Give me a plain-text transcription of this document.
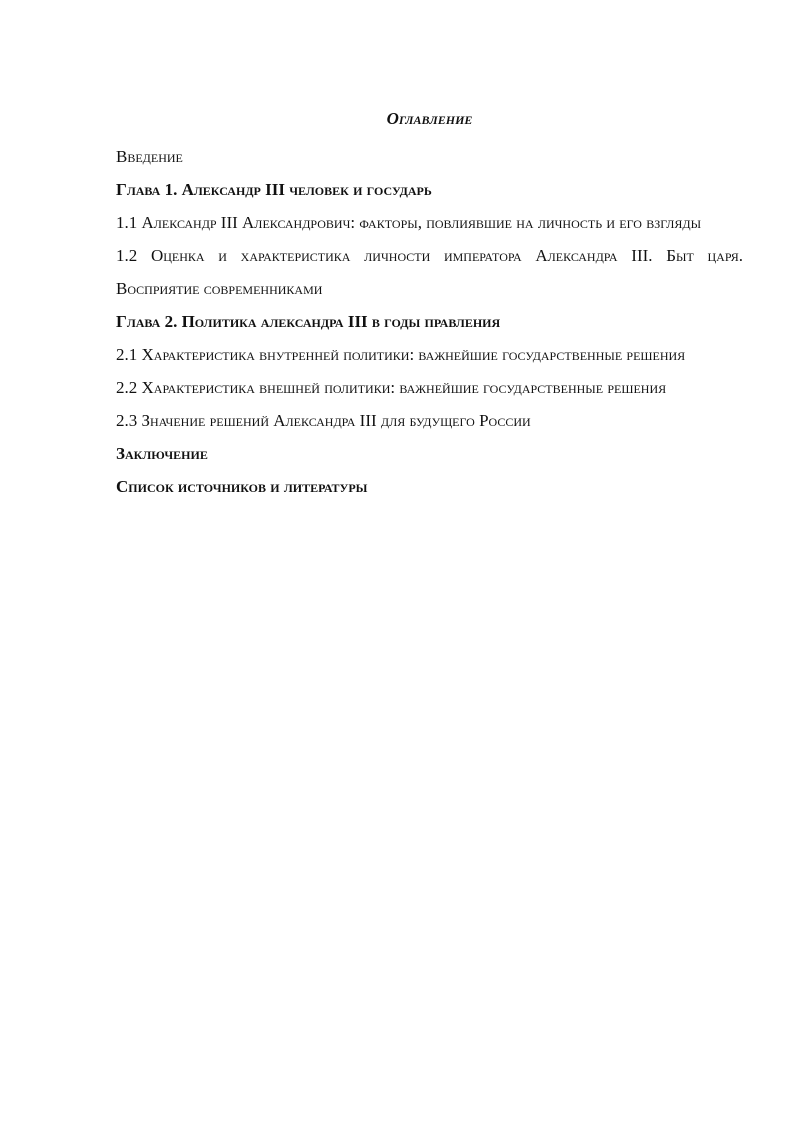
Оглавление

Введение

Глава 1. Александр III человек и государь

1.1 Александр III Александрович: факторы, повлиявшие на личность и его взгляды

1.2 Оценка и характеристика личности императора Александра III. Быт царя. Восприятие современниками

Глава 2. Политика александра III в годы правления

2.1 Характеристика внутренней политики: важнейшие государственные решения

2.2 Характеристика внешней политики: важнейшие государственные решения

2.3 Значение решений Александра III для будущего России

Заключение

Список источников и литературы
